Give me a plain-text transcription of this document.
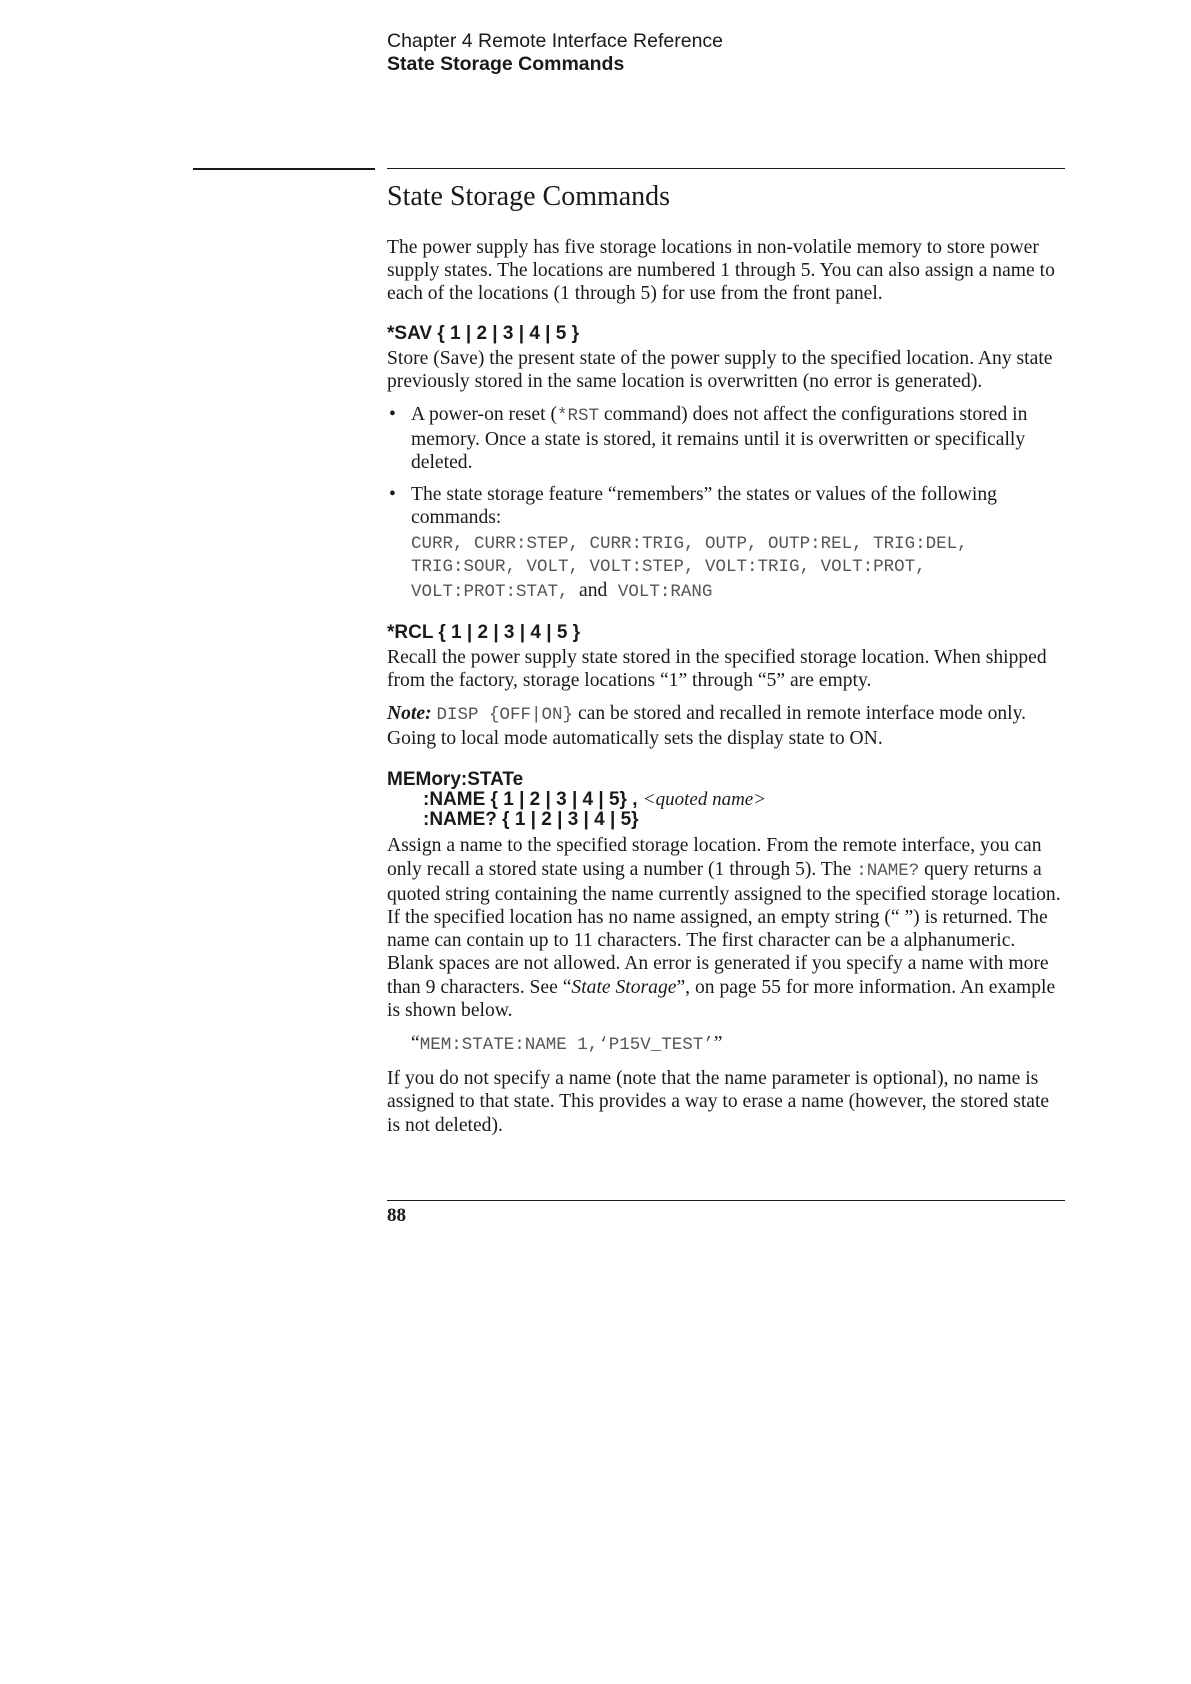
Chapter 4 Remote Interface Reference
State Storage Commands
State Storage Commands

The power supply has five storage locations in non-volatile memory to store power supply states. The locations are numbered 1 through 5. You can also assign a name to each of the locations (1 through 5) for use from the front panel.

*SAV { 1 | 2 | 3 | 4 | 5 }

Store (Save) the present state of the power supply to the specified location. Any state previously stored in the same location is overwritten (no error is generated).

• A power-on reset (*RST command) does not affect the configurations stored in memory. Once a state is stored, it remains until it is overwritten or specifically deleted.
• The state storage feature “remembers” the states or values of the following commands:
CURR, CURR:STEP, CURR:TRIG, OUTP, OUTP:REL, TRIG:DEL,
TRIG:SOUR, VOLT, VOLT:STEP, VOLT:TRIG, VOLT:PROT,
VOLT:PROT:STAT, and VOLT:RANG
*RCL { 1 | 2 | 3 | 4 | 5 }

Recall the power supply state stored in the specified storage location. When shipped from the factory, storage locations “1” through “5” are empty.

Note: DISP {OFF|ON} can be stored and recalled in remote interface mode only. Going to local mode automatically sets the display state to ON.

MEMory:STATe
:NAME { 1 | 2 | 3 | 4 | 5} , <quoted name>
:NAME? { 1 | 2 | 3 | 4 | 5}

Assign a name to the specified storage location. From the remote interface, you can only recall a stored state using a number (1 through 5). The :NAME? query returns a quoted string containing the name currently assigned to the specified storage location. If the specified location has no name assigned, an empty string (“ ”) is returned. The name can contain up to 11 characters. The first character can be a alphanumeric. Blank spaces are not allowed. An error is generated if you specify a name with more than 9 characters. See “State Storage”, on page 55 for more information. An example is shown below.

“MEM:STATE:NAME 1,‘P15V_TEST’”

If you do not specify a name (note that the name parameter is optional), no name is assigned to that state. This provides a way to erase a name (however, the stored state is not deleted).

88
